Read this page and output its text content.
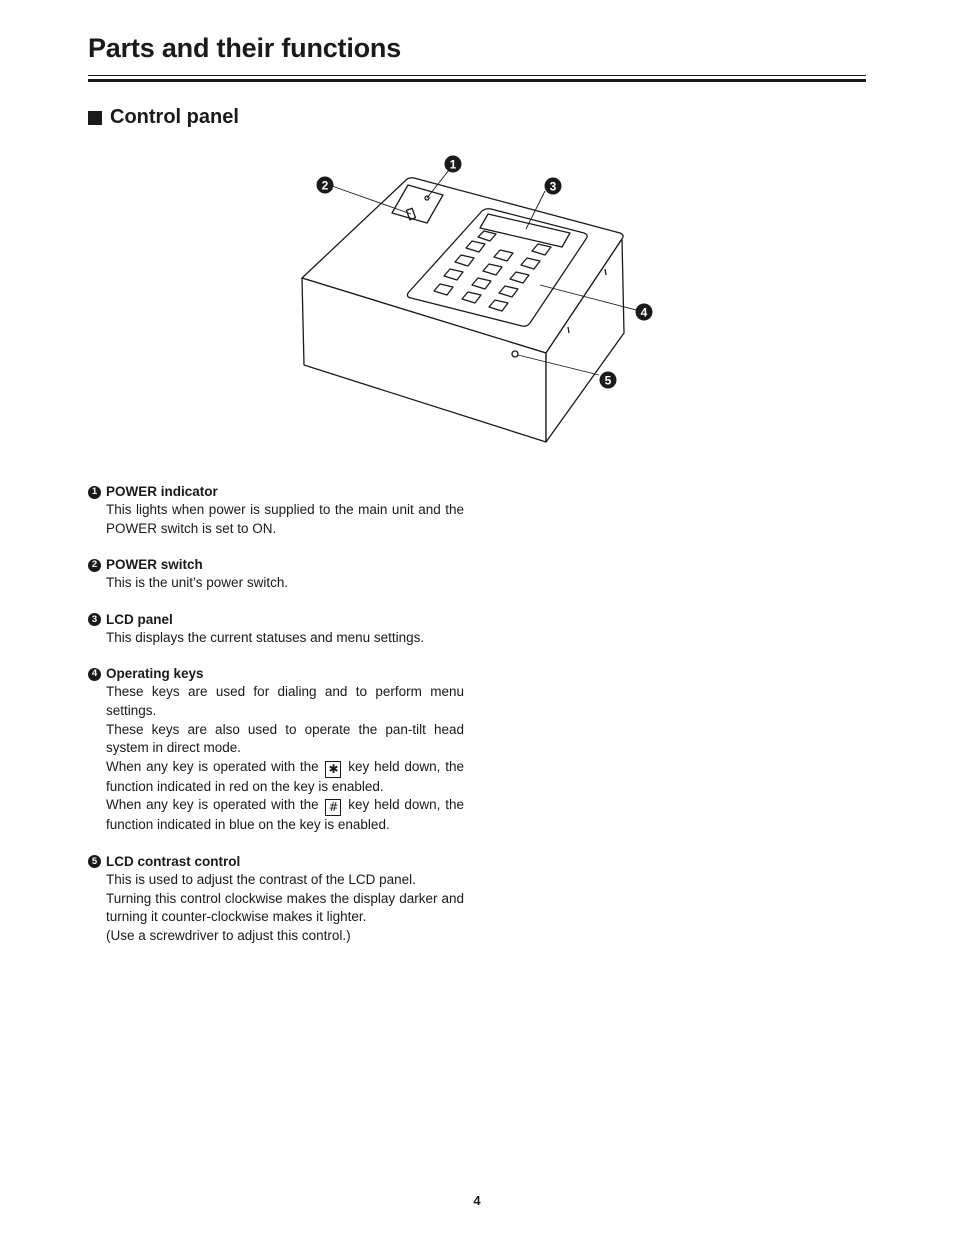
Parts and their functions
Control panel
1
2	3
4
5
1 POWER indicator

This lights when power is supplied to the main unit and the POWER switch is set to ON.

2 POWER switch

This is the unit’s power switch.

3 LCD panel

This displays the current statuses and menu settings.

4 Operating keys

These keys are used for dialing and to perform menu settings.

These keys are also used to operate the pan-tilt head system in direct mode.

When any key is operated with the ✱ key held down, the function indicated in red on the key is enabled.

When any key is operated with the # key held down, the function indicated in blue on the key is enabled.

5 LCD contrast control

This is used to adjust the contrast of the LCD panel.

Turning this control clockwise makes the display darker and turning it counter-clockwise makes it lighter.

(Use a screwdriver to adjust this control.)

4
